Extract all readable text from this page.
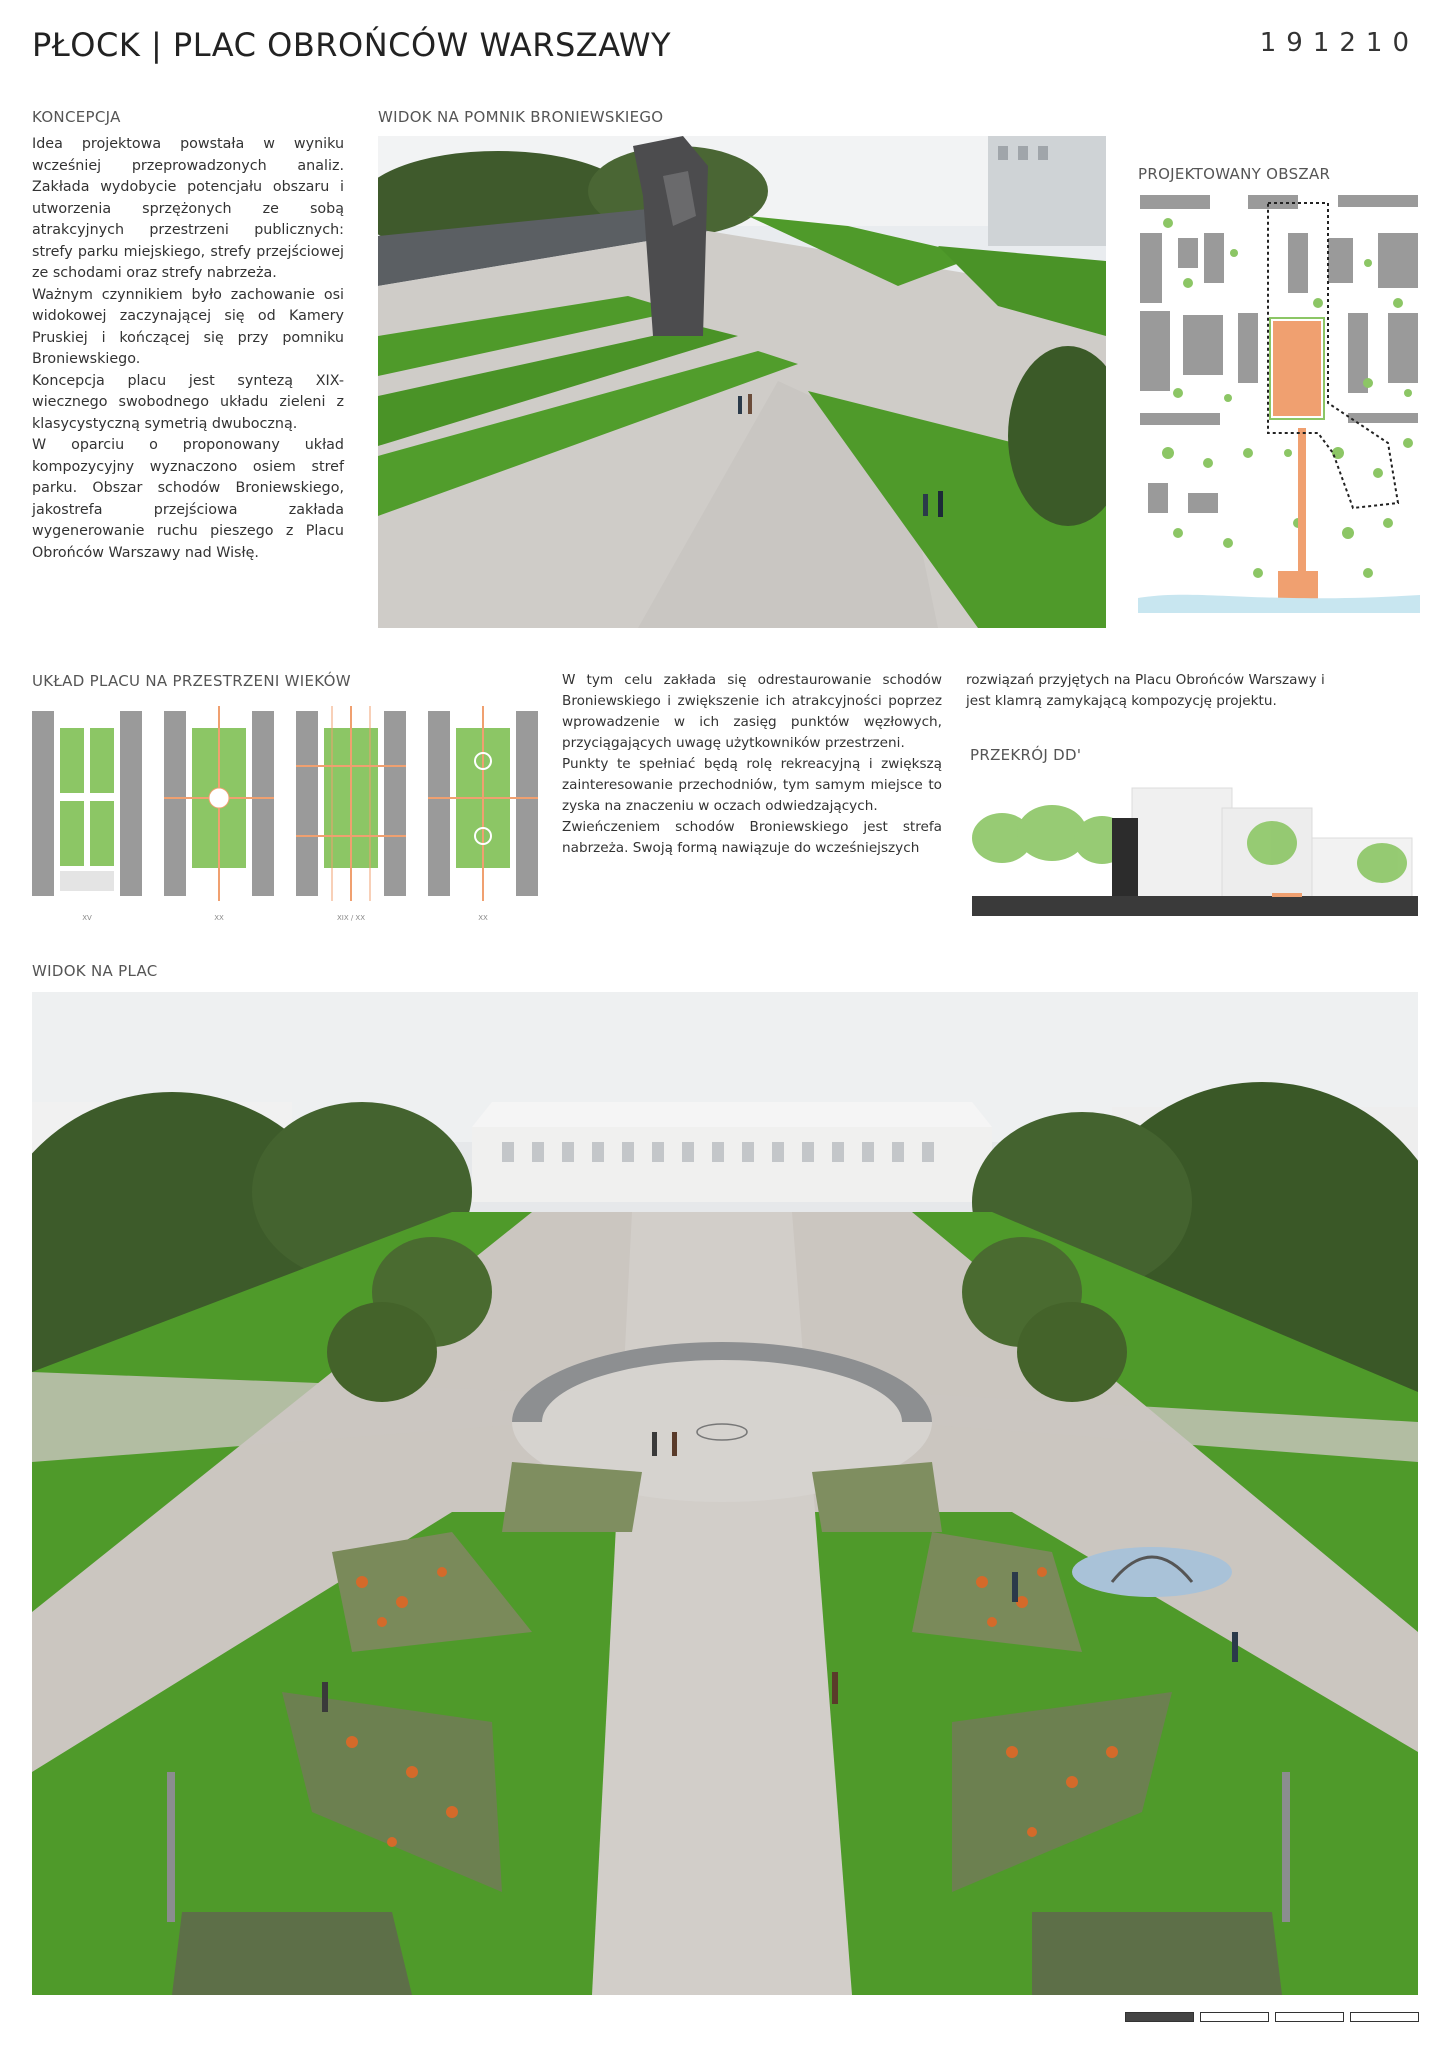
PŁOCK | PLAC OBROŃCÓW WARSZAWY	191210
KONCEPCJA

Idea projektowa powstała w wyniku wcześniej przeprowadzonych analiz. Zakłada wydobycie potencjału obszaru i utworzenia sprzężonych ze sobą atrakcyjnych przestrzeni publicznych: strefy parku miejskiego, strefy przejściowej ze schodami oraz strefy nabrzeża.

Ważnym czynnikiem było zachowanie osi widokowej zaczynającej się od Kamery Pruskiej i kończącej się przy pomniku Broniewskiego.

Koncepcja placu jest syntezą XIX-wiecznego swobodnego układu zieleni z klasycystyczną symetrią dwuboczną.

W oparciu o proponowany układ kompozycyjny wyznaczono osiem stref parku. Obszar schodów Broniewskiego, jakostrefa przejściowa zakłada wygenerowanie ruchu pieszego z Placu Obrońców Warszawy nad Wisłę.

WIDOK NA POMNIK BRONIEWSKIEGO
PROJEKTOWANY OBSZAR
UKŁAD PLACU NA PRZESTRZENI WIEKÓW
XV	XX	XIX / XX	XX

W tym celu zakłada się odrestaurowanie schodów Broniewskiego i zwiększenie ich atrakcyjności poprzez wprowadzenie w ich zasięg punktów węzłowych, przyciągających uwagę użytkowników przestrzeni.

Punkty te spełniać będą rolę rekreacyjną i zwiększą zainteresowanie przechodniów, tym samym miejsce to zyska na znaczeniu w oczach odwiedzających.

Zwieńczeniem schodów Broniewskiego jest strefa nabrzeża. Swoją formą nawiązuje do wcześniejszych

rozwiązań przyjętych na Placu Obrońców Warszawy i jest klamrą zamykającą kompozycję projektu.
PRZEKRÓJ DD'
WIDOK NA PLAC
